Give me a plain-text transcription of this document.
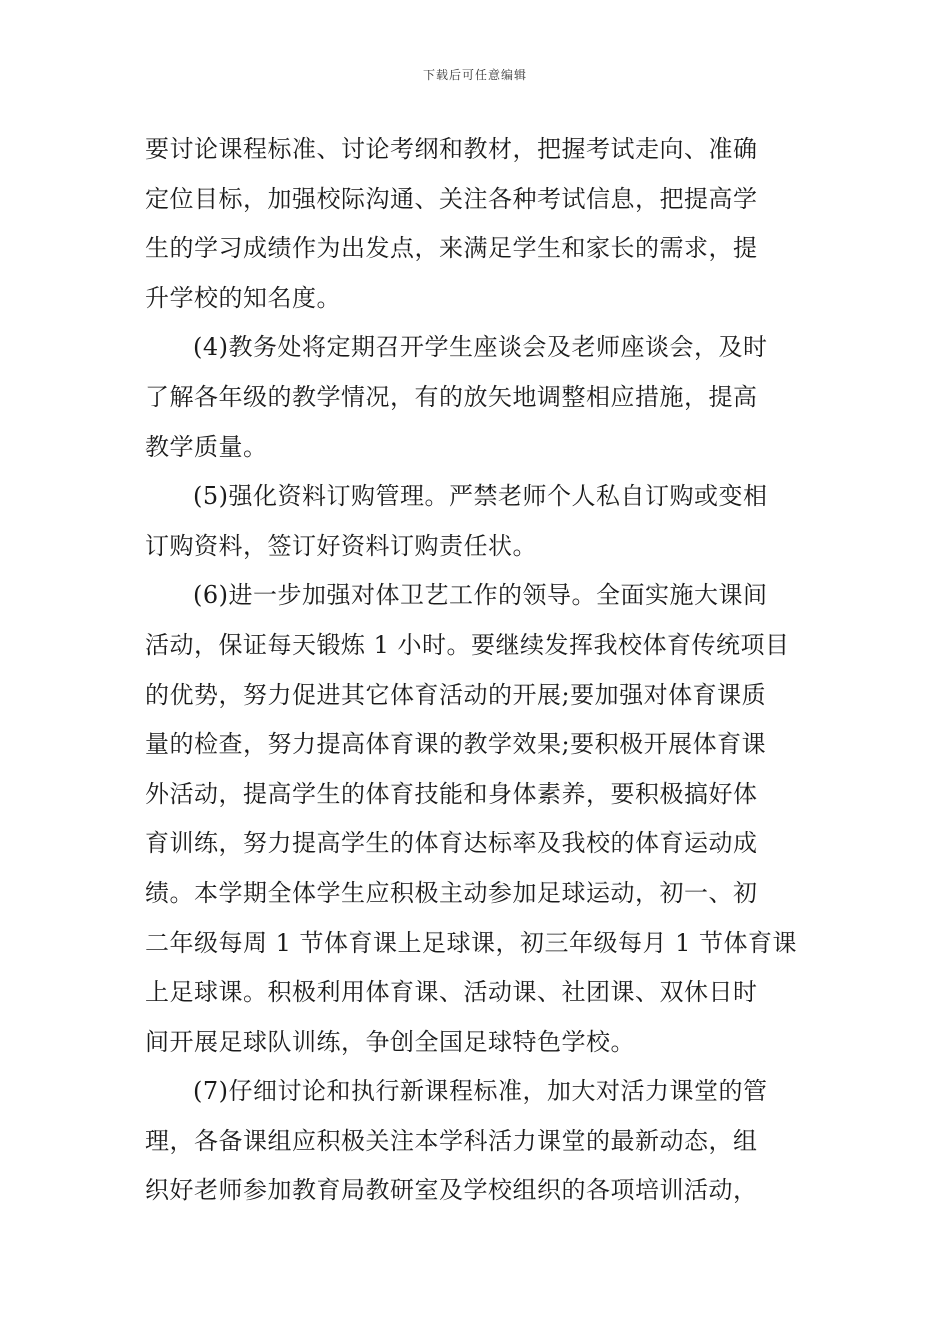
下载后可任意编辑
要讨论课程标准、讨论考纲和教材，把握考试走向、准确
定位目标，加强校际沟通、关注各种考试信息，把提高学
生的学习成绩作为出发点，来满足学生和家长的需求，提
升学校的知名度。
(4)教务处将定期召开学生座谈会及老师座谈会，及时
了解各年级的教学情况，有的放矢地调整相应措施，提高
教学质量。
(5)强化资料订购管理。严禁老师个人私自订购或变相
订购资料，签订好资料订购责任状。
(6)进一步加强对体卫艺工作的领导。全面实施大课间
活动，保证每天锻炼 1 小时。要继续发挥我校体育传统项目
的优势，努力促进其它体育活动的开展;要加强对体育课质
量的检查，努力提高体育课的教学效果;要积极开展体育课
外活动，提高学生的体育技能和身体素养，要积极搞好体
育训练，努力提高学生的体育达标率及我校的体育运动成
绩。本学期全体学生应积极主动参加足球运动，初一、初
二年级每周 1 节体育课上足球课，初三年级每月 1 节体育课
上足球课。积极利用体育课、活动课、社团课、双休日时
间开展足球队训练，争创全国足球特色学校。
(7)仔细讨论和执行新课程标准，加大对活力课堂的管
理，各备课组应积极关注本学科活力课堂的最新动态，组
织好老师参加教育局教研室及学校组织的各项培训活动，
